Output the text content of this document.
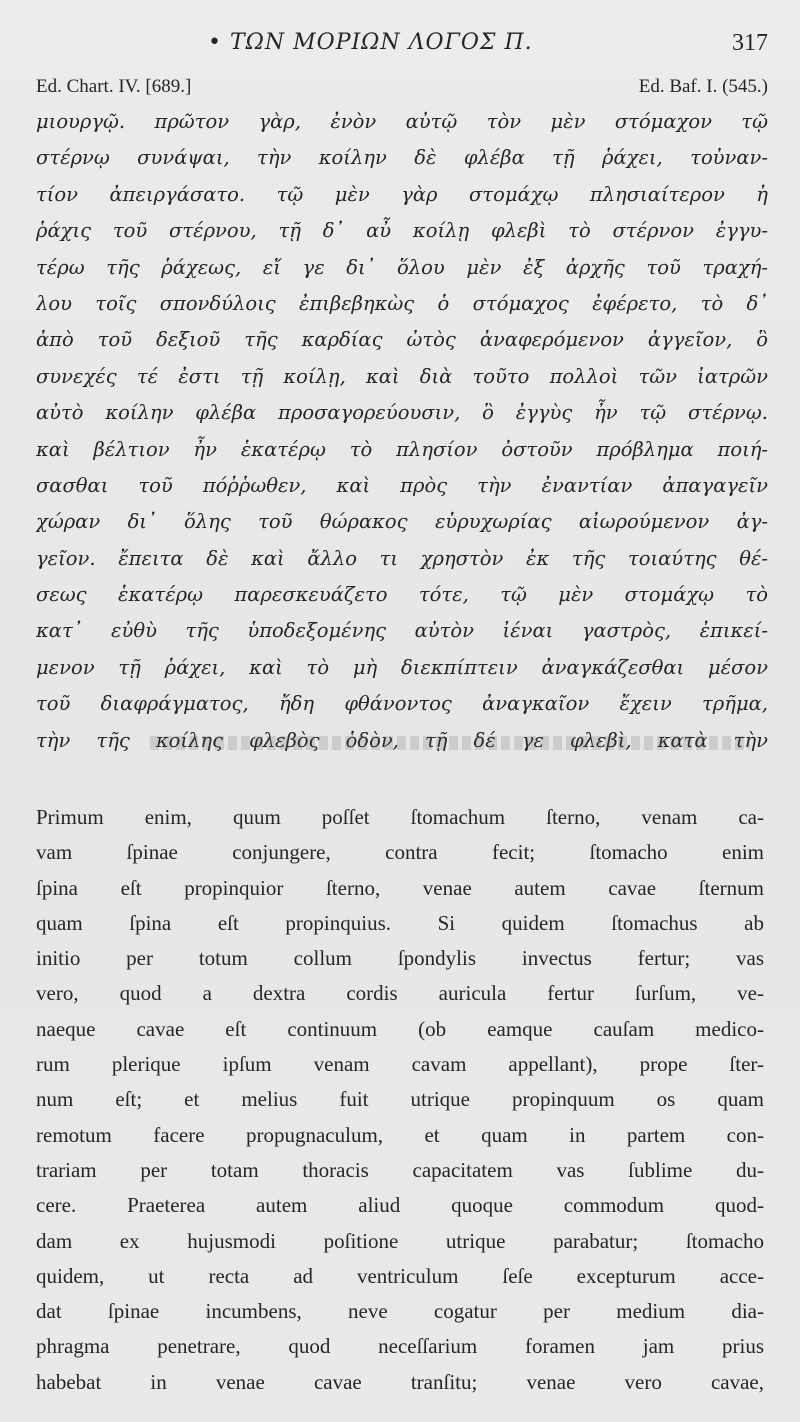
• ΤΩΝ ΜΟΡΙΩΝ ΛΟΓΟΣ Π.	317
Ed. Chart. IV. [689.]	Ed. Baf. I. (545.)
μιουργῷ. πρῶτον γὰρ, ἐνὸν αὐτῷ τὸν μὲν στόμαχον τῷ
στέρνῳ συνάψαι, τὴν κοίλην δὲ φλέβα τῇ ῥάχει, τοὐναν-
τίον ἀπειργάσατο. τῷ μὲν γὰρ στομάχῳ πλησιαίτερον ἡ
ῥάχις τοῦ στέρνου, τῇ δ᾽ αὖ κοίλῃ φλεβὶ τὸ στέρνον ἐγγυ-
τέρω τῆς ῥάχεως, εἴ γε δι᾽ ὅλου μὲν ἐξ ἀρχῆς τοῦ τραχή-
λου τοῖς σπονδύλοις ἐπιβεβηκὼς ὁ στόμαχος ἐφέρετο, τὸ δ᾽
ἀπὸ τοῦ δεξιοῦ τῆς καρδίας ὠτὸς ἀναφερόμενον ἀγγεῖον, ὃ
συνεχές τέ ἐστι τῇ κοίλῃ, καὶ διὰ τοῦτο πολλοὶ τῶν ἰατρῶν
αὐτὸ κοίλην φλέβα προσαγορεύουσιν, ὃ ἐγγὺς ἦν τῷ στέρνῳ.
καὶ βέλτιον ἦν ἑκατέρῳ τὸ πλησίον ὀστοῦν πρόβλημα ποιή-
σασθαι τοῦ πόῤῥωθεν, καὶ πρὸς τὴν ἐναντίαν ἀπαγαγεῖν
χώραν δι᾽ ὅλης τοῦ θώρακος εὐρυχωρίας αἰωρούμενον ἀγ-
γεῖον. ἔπειτα δὲ καὶ ἄλλο τι χρηστὸν ἐκ τῆς τοιαύτης θέ-
σεως ἑκατέρῳ παρεσκευάζετο τότε, τῷ μὲν στομάχῳ τὸ
κατ᾽ εὐθὺ τῆς ὑποδεξομένης αὐτὸν ἰέναι γαστρὸς, ἐπικεί-
μενον τῇ ῥάχει, καὶ τὸ μὴ διεκπίπτειν ἀναγκάζεσθαι μέσον
τοῦ διαφράγματος, ἤδη φθάνοντος ἀναγκαῖον ἔχειν τρῆμα,
τὴν τῆς κοίλης φλεβὸς ὁδὸν, τῇ δέ γε φλεβὶ, κατὰ τὴν
Primum enim, quum poſſet ſtomachum ſterno, venam ca-
vam ſpinae conjungere, contra fecit; ſtomacho enim
ſpina eſt propinquior ſterno, venae autem cavae ſternum
quam ſpina eſt propinquius. Si quidem ſtomachus ab
initio per totum collum ſpondylis invectus fertur; vas
vero, quod a dextra cordis auricula fertur ſurſum, ve-
naeque cavae eſt continuum (ob eamque cauſam medico-
rum plerique ipſum venam cavam appellant), prope ſter-
num eſt; et melius fuit utrique propinquum os quam
remotum facere propugnaculum, et quam in partem con-
trariam per totam thoracis capacitatem vas ſublime du-
cere. Praeterea autem aliud quoque commodum quod-
dam ex hujusmodi poſitione utrique parabatur; ſtomacho
quidem, ut recta ad ventriculum ſeſe excepturum acce-
dat ſpinae incumbens, neve cogatur per medium dia-
phragma penetrare, quod neceſſarium foramen jam prius
habebat in venae cavae tranſitu; venae vero cavae,
